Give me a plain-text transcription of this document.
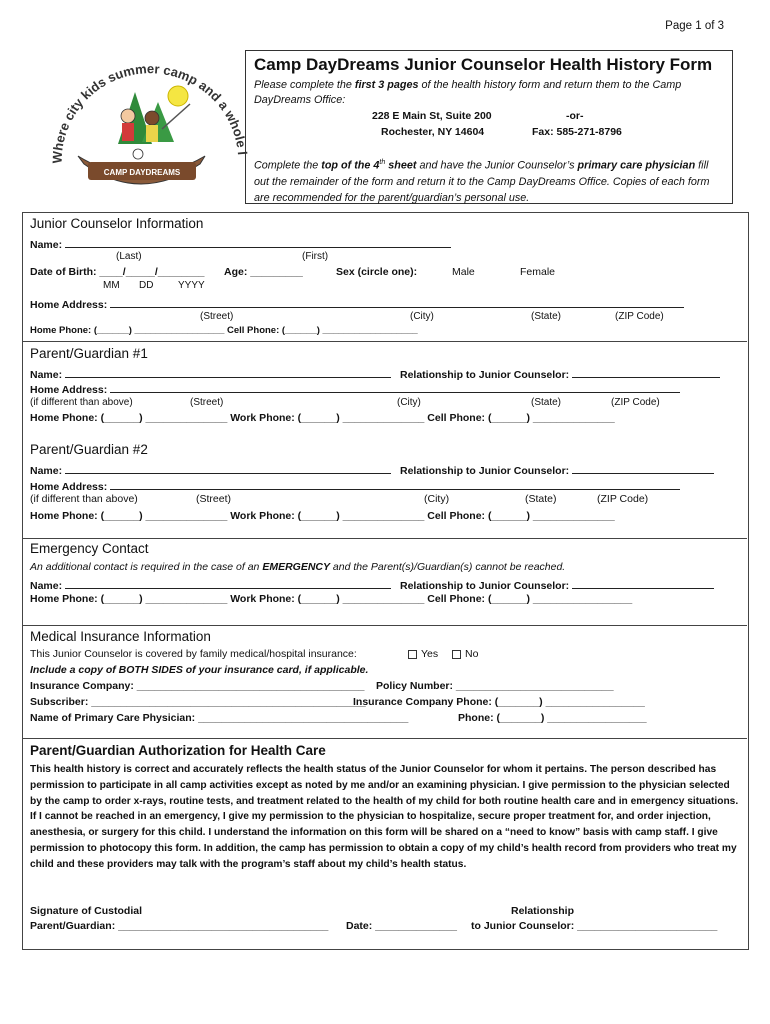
Page 1 of 3
Where city kids summer camp and a whole l
CAMP DAYDREAMS
Camp DayDreams Junior Counselor Health History Form
Please complete the first 3 pages of the health history form and return them to the Camp DayDreams Office:
228 E Main St, Suite 200
Rochester, NY 14604
-or-
Fax: 585-271-8796
Complete the top of the 4th sheet and have the Junior Counselor’s primary care physician fill out the remainder of the form and return it to the Camp DayDreams Office. Copies of each form are recommended for the parent/guardian’s personal use.
Junior Counselor Information
Name:
(Last)	(First)
Date of Birth: ____/_____/________ Age: _________	Sex (circle one):	Male	Female
MM DD YYYY
Home Address:
(Street)	(City)	(State)	(ZIP Code)
Home Phone: (______) _________________ Cell Phone: (______) __________________
Parent/Guardian #1
Name:	Relationship to Junior Counselor:
Home Address:
(if different than above)	(Street)	(City)	(State)	(ZIP Code)
Home Phone: (______) ______________ Work Phone: (______) ______________ Cell Phone: (______) ______________
Parent/Guardian #2
Name:	Relationship to Junior Counselor:
Home Address:
(if different than above)	(Street)	(City)	(State)	(ZIP Code)
Home Phone: (______) ______________ Work Phone: (______) ______________ Cell Phone: (______) ______________
Emergency Contact
An additional contact is required in the case of an EMERGENCY and the Parent(s)/Guardian(s) cannot be reached.
Name:	Relationship to Junior Counselor:
Home Phone: (______) ______________ Work Phone: (______) ______________ Cell Phone: (______) _________________
Medical Insurance Information
This Junior Counselor is covered by family medical/hospital insurance:	Yes	No
Include a copy of BOTH SIDES of your insurance card, if applicable.
Insurance Company: _______________________________________ Policy Number: ___________________________
Subscriber: _______________________________________________
Insurance Company Phone: (_______) _________________
Name of Primary Care Physician: ____________________________________	Phone: (_______) _________________
Parent/Guardian Authorization for Health Care
This health history is correct and accurately reflects the health status of the Junior Counselor for whom it pertains. The person described has permission to participate in all camp activities except as noted by me and/or an examining physician. I give permission to the physician selected by the camp to order x-rays, routine tests, and treatment related to the health of my child for both routine health care and in emergency situations. If I cannot be reached in an emergency, I give my permission to the physician to hospitalize, secure proper treatment for, and order injection, anesthesia, or surgery for this child. I understand the information on this form will be shared on a “need to know” basis with camp staff. I give permission to photocopy this form. In addition, the camp has permission to obtain a copy of my child’s health record from providers who treat my child and these providers may talk with the program’s staff about my child’s health status.
Signature of Custodial
Parent/Guardian: ____________________________________ Date: ______________
Relationship
to Junior Counselor: ________________________
